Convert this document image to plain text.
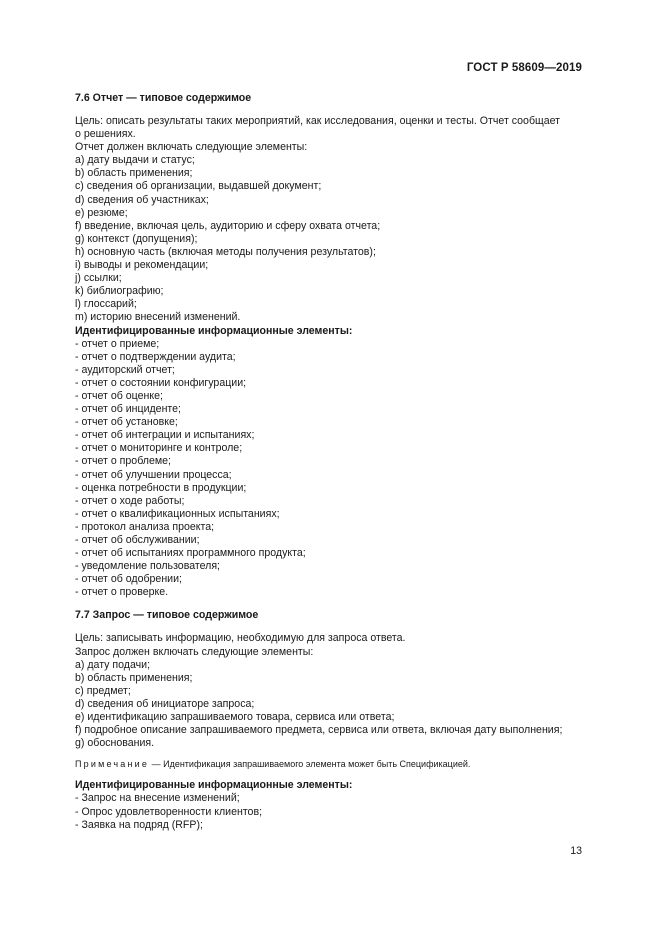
ГОСТ Р 58609—2019
7.6 Отчет — типовое содержимое

Цель: описать результаты таких мероприятий, как исследования, оценки и тесты. Отчет сообщает

о решениях.

Отчет должен включать следующие элементы:

a) дату выдачи и статус;

b) область применения;

c) сведения об организации, выдавшей документ;

d) сведения об участниках;

e) резюме;

f) введение, включая цель, аудиторию и сферу охвата отчета;

g) контекст (допущения);

h) основную часть (включая методы получения результатов);

i) выводы и рекомендации;

j) ссылки;

k) библиографию;

l) глоссарий;

m) историю внесений изменений.

Идентифицированные информационные элементы:

- отчет о приеме;

- отчет о подтверждении аудита;

- аудиторский отчет;

- отчет о состоянии конфигурации;

- отчет об оценке;

- отчет об инциденте;

- отчет об установке;

- отчет об интеграции и испытаниях;

- отчет о мониторинге и контроле;

- отчет о проблеме;

- отчет об улучшении процесса;

- оценка потребности в продукции;

- отчет о ходе работы;

- отчет о квалификационных испытаниях;

- протокол анализа проекта;

- отчет об обслуживании;

- отчет об испытаниях программного продукта;

- уведомление пользователя;

- отчет об одобрении;

- отчет о проверке.

7.7 Запрос — типовое содержимое

Цель: записывать информацию, необходимую для запроса ответа.

Запрос должен включать следующие элементы:

a) дату подачи;

b) область применения;

c) предмет;

d) сведения об инициаторе запроса;

e) идентификацию запрашиваемого товара, сервиса или ответа;

f) подробное описание запрашиваемого предмета, сервиса или ответа, включая дату выполнения;

g) обоснования.

Примечание — Идентификация запрашиваемого элемента может быть Спецификацией.

Идентифицированные информационные элементы:

- Запрос на внесение изменений;

- Опрос удовлетворенности клиентов;

- Заявка на подряд (RFP);

13
